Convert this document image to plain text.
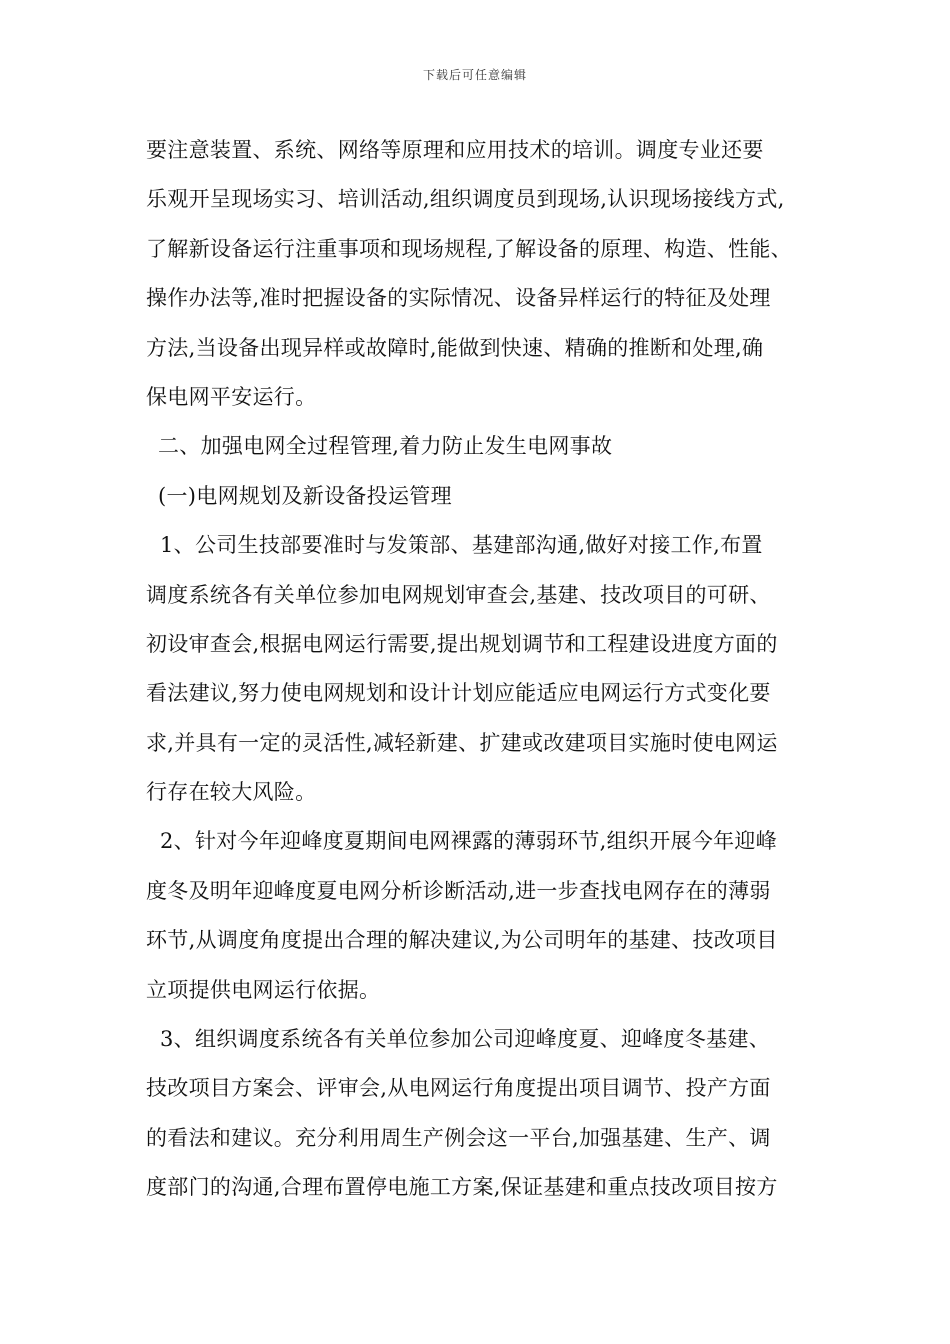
下载后可任意编辑
要注意装置、系统、网络等原理和应用技术的培训。调度专业还要
乐观开呈现场实习、培训活动,组织调度员到现场,认识现场接线方式,
了解新设备运行注重事项和现场规程,了解设备的原理、构造、性能、
操作办法等,准时把握设备的实际情况、设备异样运行的特征及处理
方法,当设备出现异样或故障时,能做到快速、精确的推断和处理,确
保电网平安运行。
二、加强电网全过程管理,着力防止发生电网事故
(一)电网规划及新设备投运管理
1、公司生技部要准时与发策部、基建部沟通,做好对接工作,布置
调度系统各有关单位参加电网规划审查会,基建、技改项目的可研、
初设审查会,根据电网运行需要,提出规划调节和工程建设进度方面的
看法建议,努力使电网规划和设计计划应能适应电网运行方式变化要
求,并具有一定的灵活性,减轻新建、扩建或改建项目实施时使电网运
行存在较大风险。
2、针对今年迎峰度夏期间电网裸露的薄弱环节,组织开展今年迎峰
度冬及明年迎峰度夏电网分析诊断活动,进一步查找电网存在的薄弱
环节,从调度角度提出合理的解决建议,为公司明年的基建、技改项目
立项提供电网运行依据。
3、组织调度系统各有关单位参加公司迎峰度夏、迎峰度冬基建、
技改项目方案会、评审会,从电网运行角度提出项目调节、投产方面
的看法和建议。充分利用周生产例会这一平台,加强基建、生产、调
度部门的沟通,合理布置停电施工方案,保证基建和重点技改项目按方
